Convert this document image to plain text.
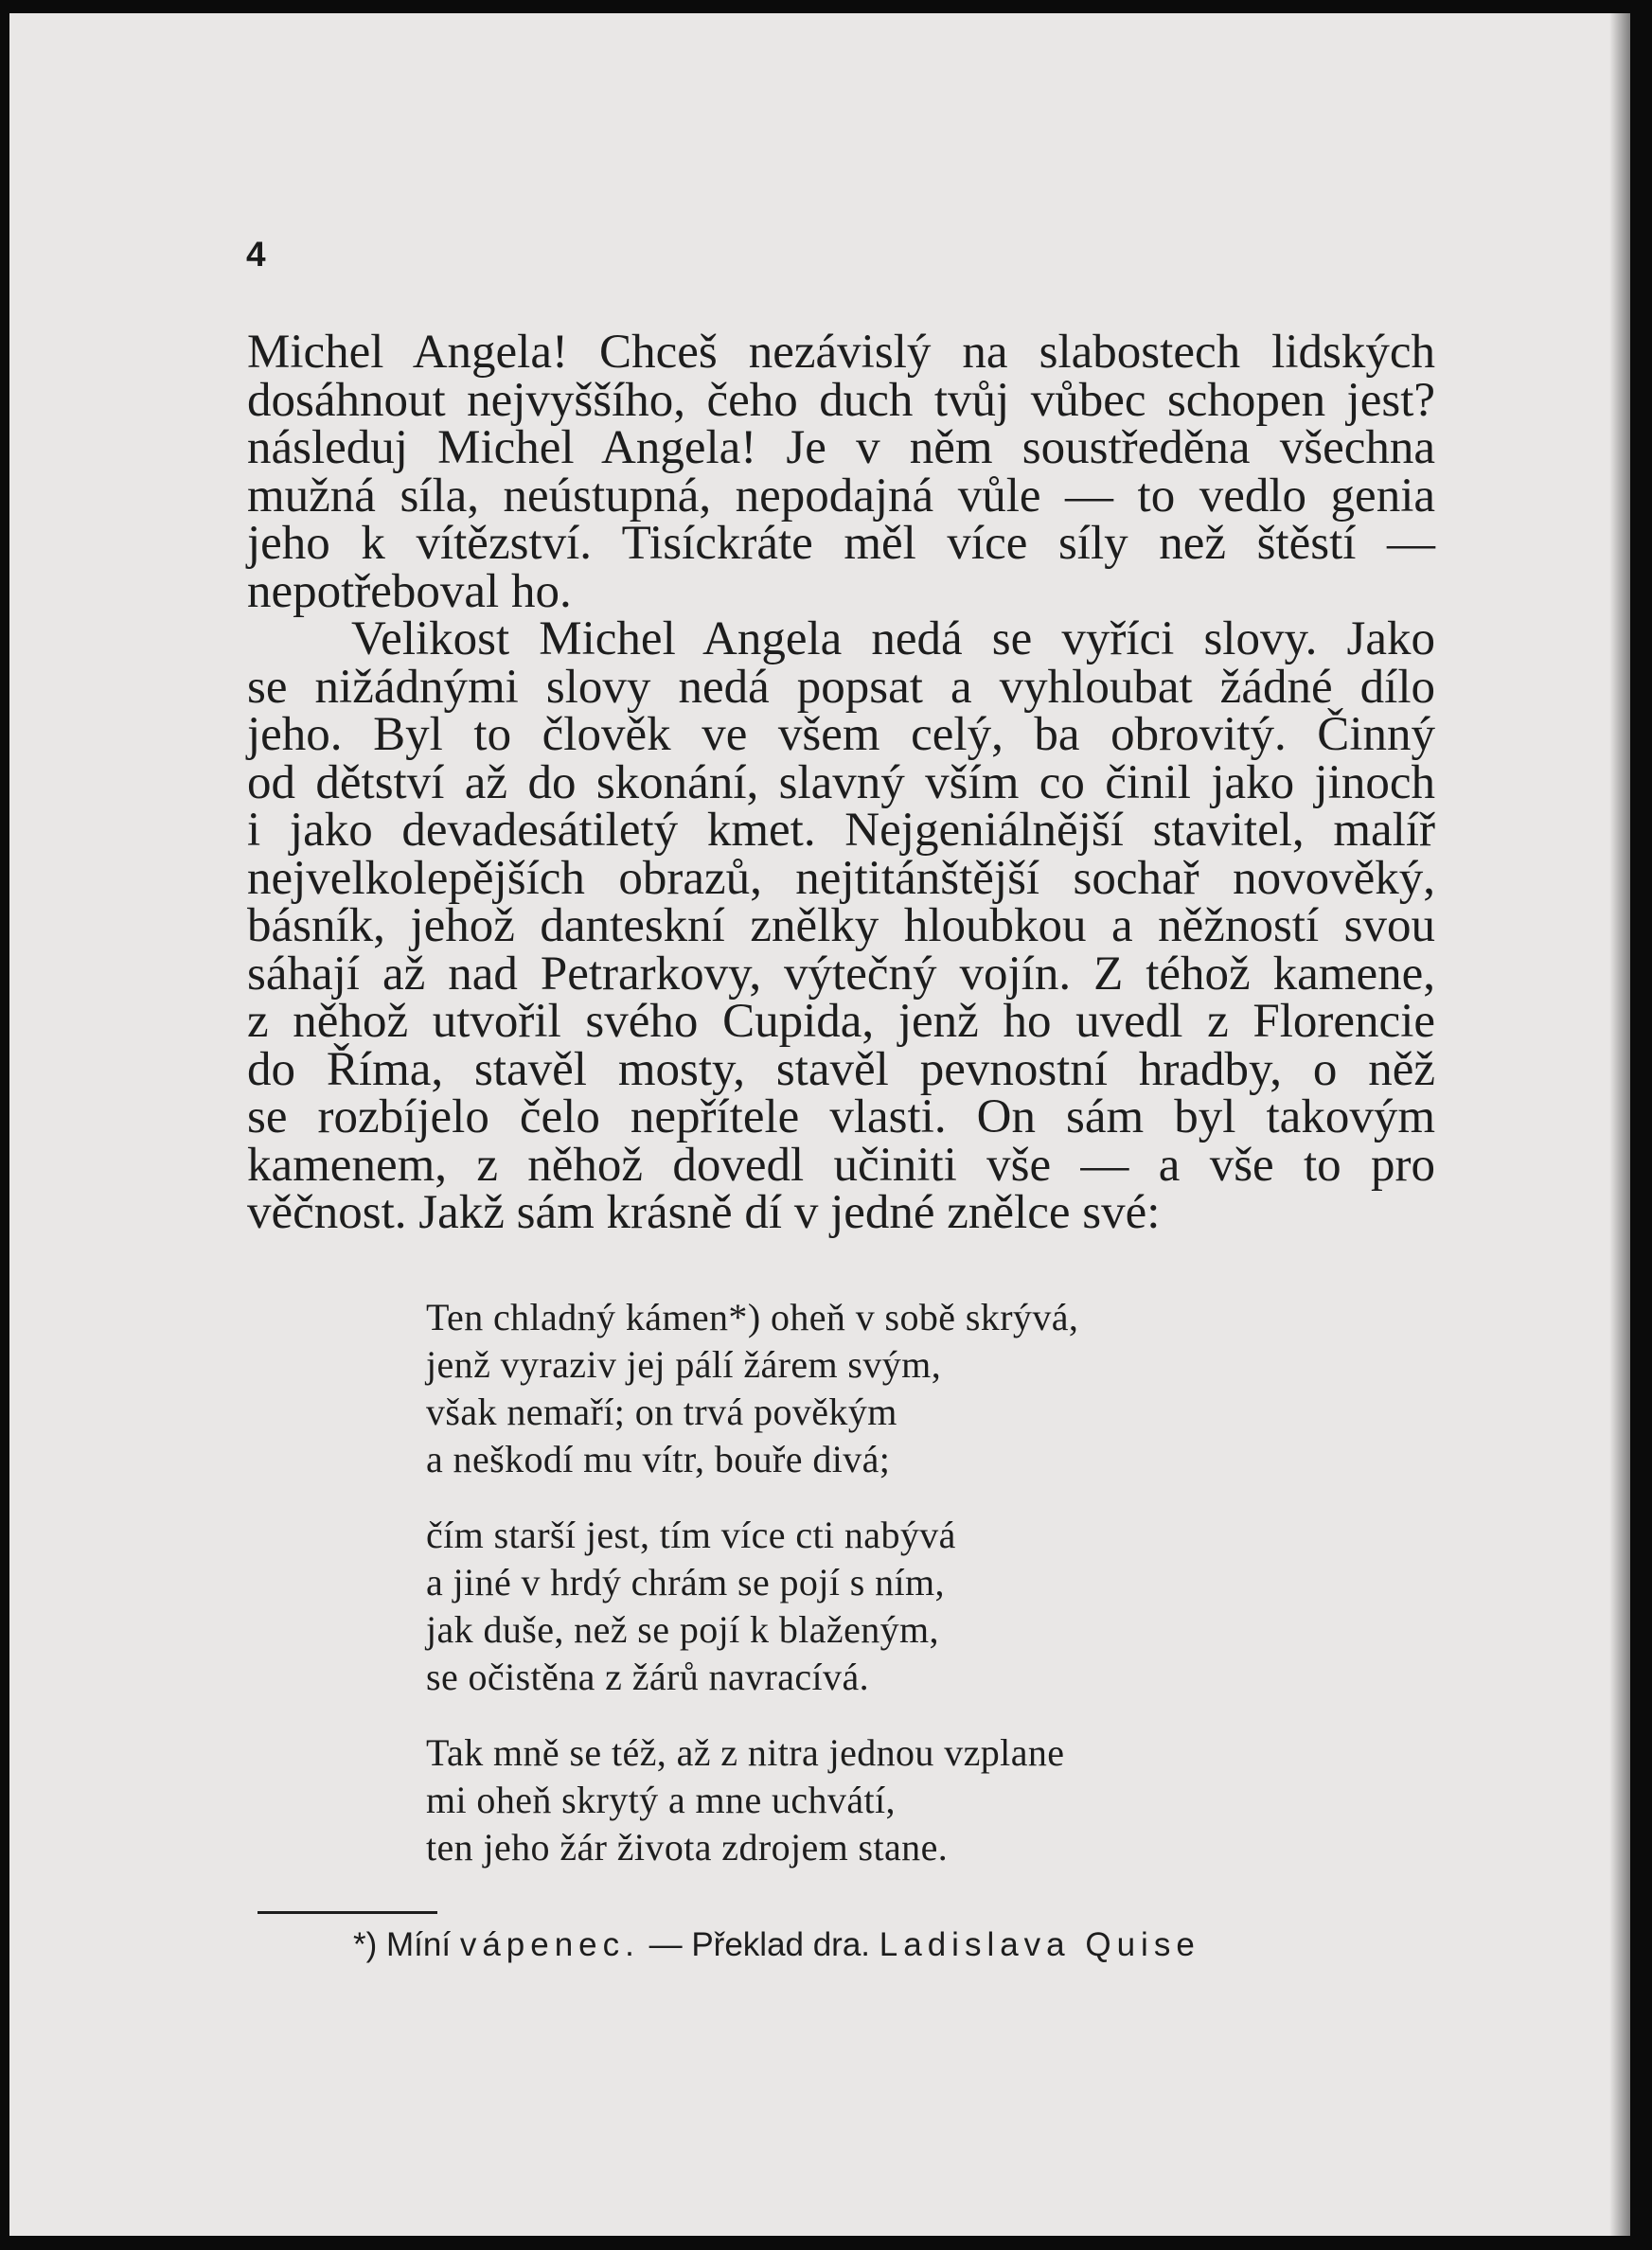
4
Michel Angela! Chceš nezávislý na slabostech lidských
dosáhnout nejvyššího, čeho duch tvůj vůbec schopen jest?
následuj Michel Angela! Je v něm soustředěna všechna
mužná síla, neústupná, nepodajná vůle — to vedlo genia
jeho k vítězství. Tisíckráte měl více síly než štěstí —
nepotřeboval ho.
Velikost Michel Angela nedá se vyříci slovy. Jako
se nižádnými slovy nedá popsat a vyhloubat žádné dílo
jeho. Byl to člověk ve všem celý, ba obrovitý. Činný
od dětství až do skonání, slavný vším co činil jako jinoch
i jako devadesátiletý kmet. Nejgeniálnější stavitel, malíř
nejvelkolepějších obrazů, nejtitánštější sochař novověký,
básník, jehož danteskní znělky hloubkou a něžností svou
sáhají až nad Petrarkovy, výtečný vojín. Z téhož kamene,
z něhož utvořil svého Cupida, jenž ho uvedl z Florencie
do Říma, stavěl mosty, stavěl pevnostní hradby, o něž
se rozbíjelo čelo nepřítele vlasti. On sám byl takovým
kamenem, z něhož dovedl učiniti vše — a vše to pro
věčnost. Jakž sám krásně dí v jedné znělce své:
Ten chladný kámen*) oheň v sobě skrývá,
jenž vyraziv jej pálí žárem svým,
však nemaří; on trvá pověkým
a neškodí mu vítr, bouře divá;
čím starší jest, tím více cti nabývá
a jiné v hrdý chrám se pojí s ním,
jak duše, než se pojí k blaženým,
se očistěna z žárů navracívá.
Tak mně se též, až z nitra jednou vzplane
mi oheň skrytý a mne uchvátí,
ten jeho žár života zdrojem stane.
*) Míní vápenec. — Překlad dra. Ladislava Quise
